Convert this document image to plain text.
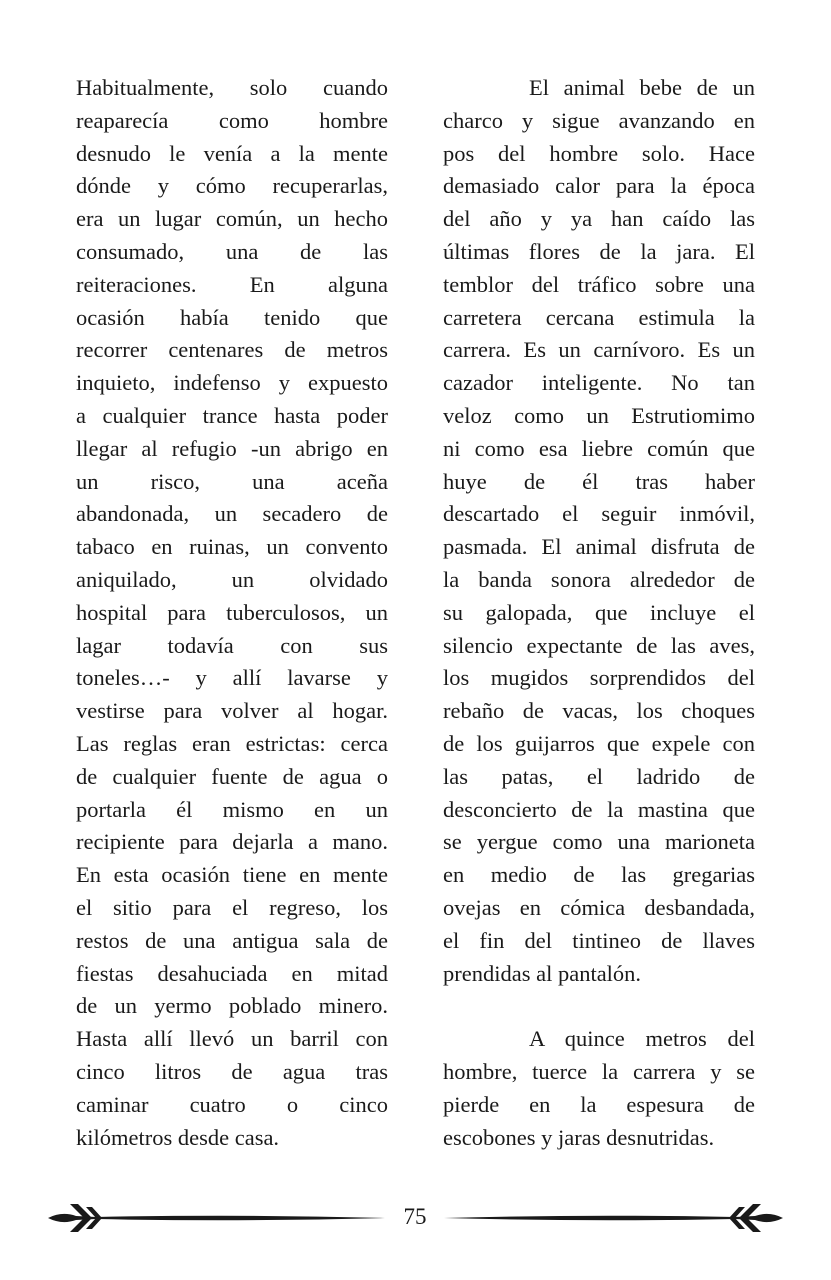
Habitualmente, solo cuando
reaparecía como hombre
desnudo le venía a la mente
dónde y cómo recuperarlas,
era un lugar común, un hecho
consumado, una de las
reiteraciones. En alguna
ocasión había tenido que
recorrer centenares de metros
inquieto, indefenso y expuesto
a cualquier trance hasta poder
llegar al refugio -un abrigo en
un risco, una aceña
abandonada, un secadero de
tabaco en ruinas, un convento
aniquilado, un olvidado
hospital para tuberculosos, un
lagar todavía con sus
toneles…- y allí lavarse y
vestirse para volver al hogar.
Las reglas eran estrictas: cerca
de cualquier fuente de agua o
portarla él mismo en un
recipiente para dejarla a mano.
En esta ocasión tiene en mente
el sitio para el regreso, los
restos de una antigua sala de
fiestas desahuciada en mitad
de un yermo poblado minero.
Hasta allí llevó un barril con
cinco litros de agua tras
caminar cuatro o cinco
kilómetros desde casa.
El animal bebe de un
charco y sigue avanzando en
pos del hombre solo. Hace
demasiado calor para la época
del año y ya han caído las
últimas flores de la jara. El
temblor del tráfico sobre una
carretera cercana estimula la
carrera. Es un carnívoro. Es un
cazador inteligente. No tan
veloz como un Estrutiomimo
ni como esa liebre común que
huye de él tras haber
descartado el seguir inmóvil,
pasmada. El animal disfruta de
la banda sonora alrededor de
su galopada, que incluye el
silencio expectante de las aves,
los mugidos sorprendidos del
rebaño de vacas, los choques
de los guijarros que expele con
las patas, el ladrido de
desconcierto de la mastina que
se yergue como una marioneta
en medio de las gregarias
ovejas en cómica desbandada,
el fin del tintineo de llaves
prendidas al pantalón.
A quince metros del
hombre, tuerce la carrera y se
pierde en la espesura de
escobones y jaras desnutridas.
75
